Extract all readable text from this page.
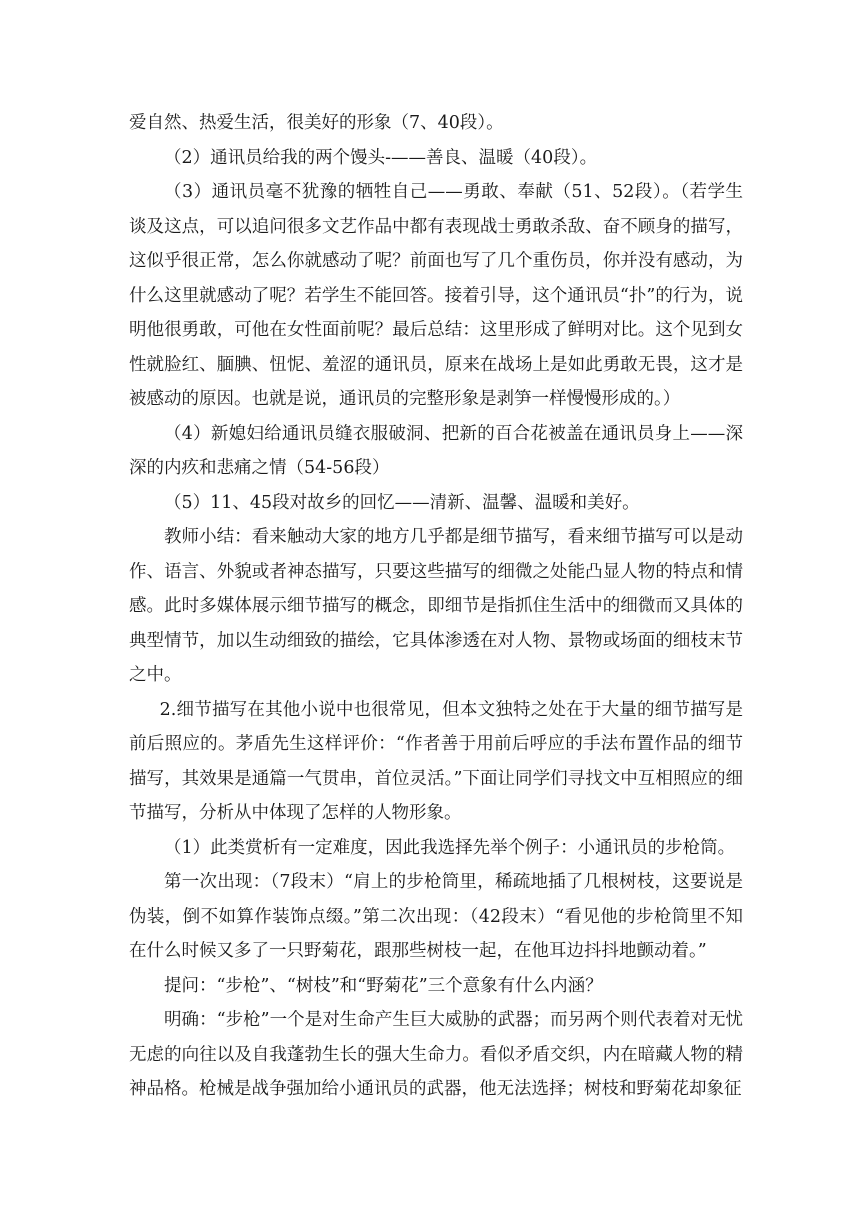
爱自然、热爱生活，很美好的形象（7、40段）。

（2）通讯员给我的两个馒头-——善良、温暖（40段）。

（3）通讯员毫不犹豫的牺牲自己——勇敢、奉献（51、52段）。（若学生谈及这点，可以追问很多文艺作品中都有表现战士勇敢杀敌、奋不顾身的描写，这似乎很正常，怎么你就感动了呢？前面也写了几个重伤员，你并没有感动，为什么这里就感动了呢？若学生不能回答。接着引导，这个通讯员“扑”的行为，说明他很勇敢，可他在女性面前呢？最后总结：这里形成了鲜明对比。这个见到女性就脸红、腼腆、忸怩、羞涩的通讯员，原来在战场上是如此勇敢无畏，这才是被感动的原因。也就是说，通讯员的完整形象是剥笋一样慢慢形成的。）

（4）新媳妇给通讯员缝衣服破洞、把新的百合花被盖在通讯员身上——深深的内疚和悲痛之情（54-56段）

（5）11、45段对故乡的回忆——清新、温馨、温暖和美好。

教师小结：看来触动大家的地方几乎都是细节描写，看来细节描写可以是动作、语言、外貌或者神态描写，只要这些描写的细微之处能凸显人物的特点和情感。此时多媒体展示细节描写的概念，即细节是指抓住生活中的细微而又具体的典型情节，加以生动细致的描绘，它具体渗透在对人物、景物或场面的细枝末节之中。

2.细节描写在其他小说中也很常见，但本文独特之处在于大量的细节描写是前后照应的。茅盾先生这样评价：“作者善于用前后呼应的手法布置作品的细节描写，其效果是通篇一气贯串，首位灵活。”下面让同学们寻找文中互相照应的细节描写，分析从中体现了怎样的人物形象。

（1）此类赏析有一定难度，因此我选择先举个例子：小通讯员的步枪筒。

第一次出现：（7段末）“肩上的步枪筒里，稀疏地插了几根树枝，这要说是伪装，倒不如算作装饰点缀。”第二次出现：（42段末）“看见他的步枪筒里不知在什么时候又多了一只野菊花，跟那些树枝一起，在他耳边抖抖地颤动着。”

提问：“步枪”、“树枝”和“野菊花”三个意象有什么内涵？

明确：“步枪”一个是对生命产生巨大威胁的武器；而另两个则代表着对无忧无虑的向往以及自我蓬勃生长的强大生命力。看似矛盾交织，内在暗藏人物的精神品格。枪械是战争强加给小通讯员的武器，他无法选择；树枝和野菊花却象征
